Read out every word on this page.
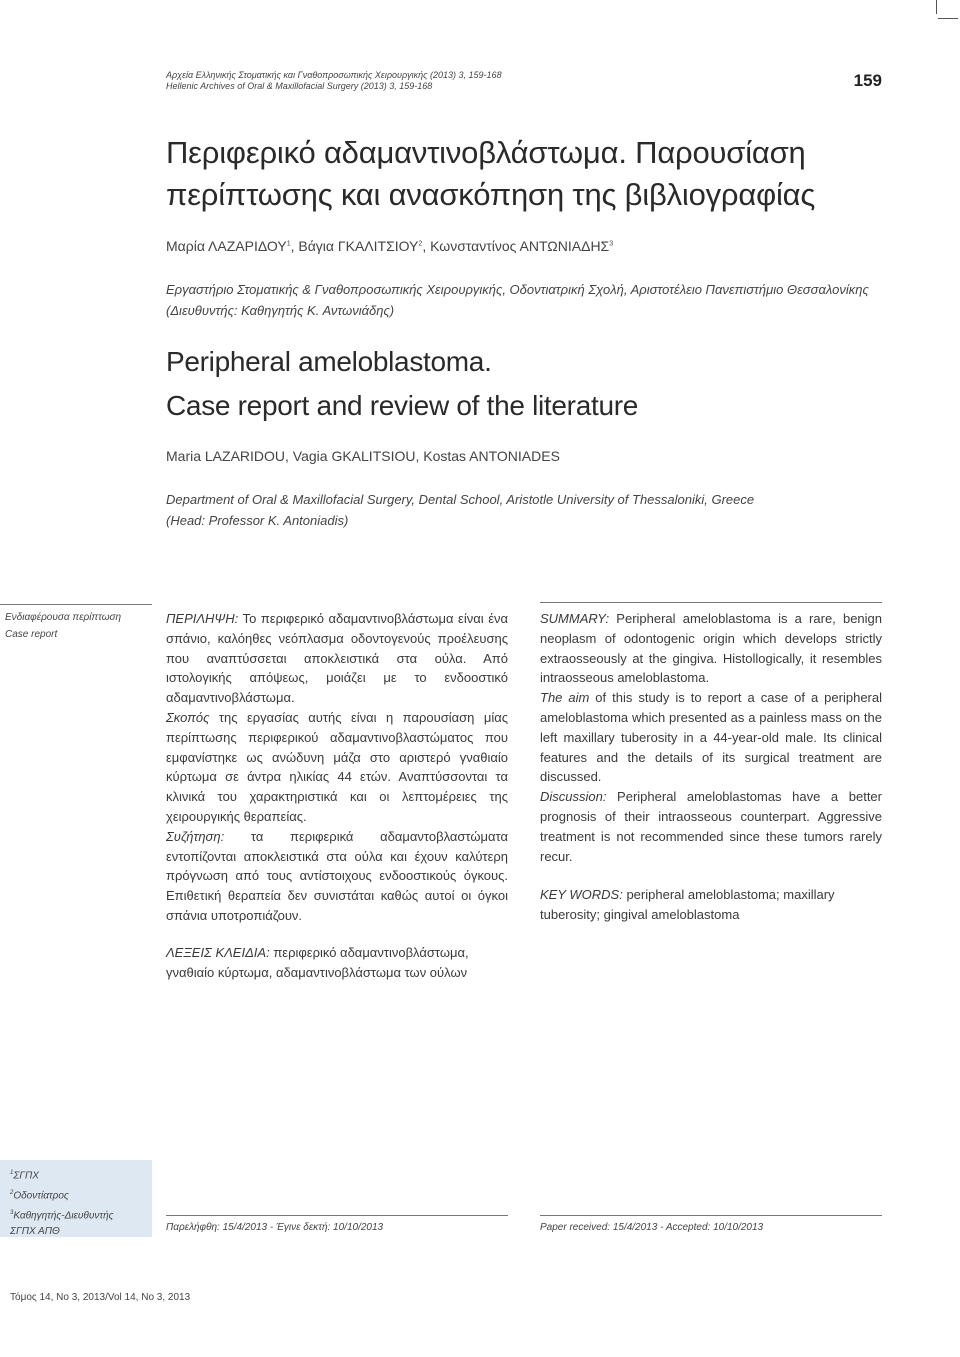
Αρχεία Ελληνικής Στοματικής και Γναθοπροσωπικής Χειρουργικής (2013) 3, 159-168
Hellenic Archives of Oral & Maxillofacial Surgery (2013) 3, 159-168	159
Περιφερικό αδαμαντινοβλάστωμα. Παρουσίαση
περίπτωσης και ανασκόπηση της βιβλιογραφίας
Μαρία ΛΑΖΑΡΙΔΟΥ$^1$, Βάγια ΓΚΑΛΙΤΣΙΟΥ$^2$, Κωνσταντίνος ΑΝΤΩΝΙΑΔΗΣ$^3$
Εργαστήριο Στοματικής & Γναθοπροσωπικής Χειρουργικής, Οδοντιατρική Σχολή, Αριστοτέλειο Πανεπιστήμιο Θεσσαλονίκης
(Διευθυντής: Καθηγητής Κ. Αντωνιάδης)
Peripheral ameloblastoma.
Case report and review of the literature
Maria LAZARIDOU, Vagia GKALITSIOU, Kostas ANTONIADES
Department of Oral & Maxillofacial Surgery, Dental School, Aristotle University of Thessaloniki, Greece
(Head: Professor K. Antoniadis)
Ενδιαφέρουσα περίπτωση
Case report

ΠΕΡΙΛΗΨΗ: Το περιφερικό αδαμαντινοβλάστωμα είναι ένα σπάνιο, καλόηθες νεόπλασμα οδοντογενούς προέλευσης που αναπτύσσεται αποκλειστικά στα ούλα. Από ιστολογικής απόψεως, μοιάζει με το ενδοοστικό αδαμαντινοβλάστωμα.

Σκοπός της εργασίας αυτής είναι η παρουσίαση μίας περίπτωσης περιφερικού αδαμαντινοβλαστώματος που εμφανίστηκε ως ανώδυνη μάζα στο αριστερό γναθιαίο κύρτωμα σε άντρα ηλικίας 44 ετών. Αναπτύσσονται τα κλινικά του χαρακτηριστικά και οι λεπτομέρειες της χειρουργικής θεραπείας.

Συζήτηση: τα περιφερικά αδαμαντοβλαστώματα εντοπίζονται αποκλειστικά στα ούλα και έχουν καλύτερη πρόγνωση από τους αντίστοιχους ενδοοστικούς όγκους. Επιθετική θεραπεία δεν συνιστάται καθώς αυτοί οι όγκοι σπάνια υποτροπιάζουν.

ΛΕΞΕΙΣ ΚΛΕΙΔΙΑ: περιφερικό αδαμαντινοβλάστωμα, γναθιαίο κύρτωμα, αδαμαντινοβλάστωμα των ούλων

SUMMARY: Peripheral ameloblastoma is a rare, benign neoplasm of odontogenic origin which develops strictly extraosseously at the gingiva. Histollogically, it resembles intraosseous ameloblastoma.

The aim of this study is to report a case of a peripheral ameloblastoma which presented as a painless mass on the left maxillary tuberosity in a 44-year-old male. Its clinical features and the details of its surgical treatment are discussed.

Discussion: Peripheral ameloblastomas have a better prognosis of their intraosseous counterpart. Aggressive treatment is not recommended since these tumors rarely recur.

KEY WORDS: peripheral ameloblastoma; maxillary tuberosity; gingival ameloblastoma
$^1$ΣΓΠΧ
$^2$Οδοντίατρος
$^3$Καθηγητής-Διευθυντής
ΣΓΠΧ ΑΠΘ	Παρελήφθη: 15/4/2013 - Έγινε δεκτή: 10/10/2013	Paper received: 15/4/2013 - Accepted: 10/10/2013
Τόμος 14, No 3, 2013/Vol 14, No 3, 2013
